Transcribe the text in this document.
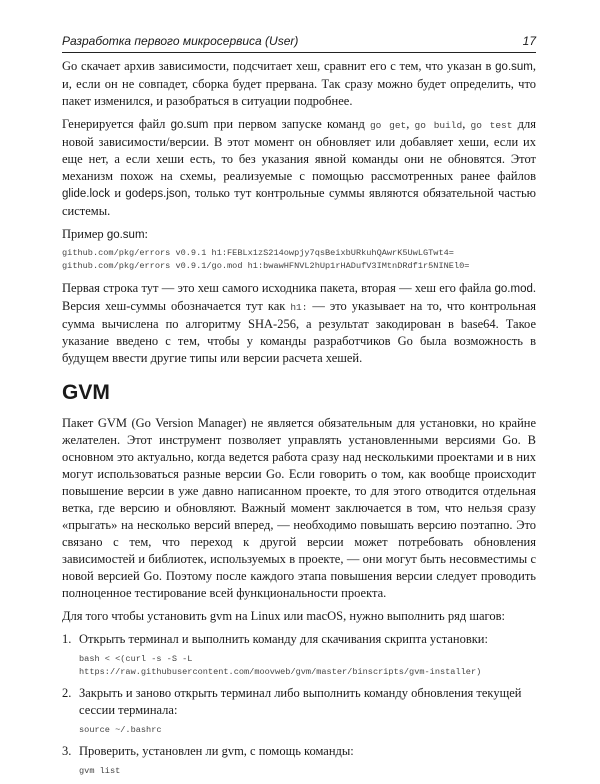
Разработка первого микросервиса (User)	17

Go скачает архив зависимости, подсчитает хеш, сравнит его с тем, что указан в go.sum, и, если он не совпадет, сборка будет прервана. Так сразу можно будет определить, что пакет изменился, и разобраться в ситуации подробнее.

Генерируется файл go.sum при первом запуске команд go get, go build, go test для новой зависимости/версии. В этот момент он обновляет или добавляет хеши, если их еще нет, а если хеши есть, то без указания явной команды они не обновятся. Этот механизм похож на схемы, реализуемые с помощью рассмотренных ранее файлов glide.lock и godeps.json, только тут контрольные суммы являются обязательной частью системы.

Пример go.sum:

github.com/pkg/errors v0.9.1 h1:FEBLx1zS214owpjy7qsBeixbURkuhQAwrK5UwLGTwt4=
github.com/pkg/errors v0.9.1/go.mod h1:bwawHFNVL2hUp1rHADufV3IMtnDRdf1r5NINEl0=

Первая строка тут — это хеш самого исходника пакета, вторая — хеш его файла go.mod. Версия хеш-суммы обозначается тут как h1: — это указывает на то, что контрольная сумма вычислена по алгоритму SHA-256, а результат закодирован в base64. Такое указание введено с тем, чтобы у команды разработчиков Go была возможность в будущем ввести другие типы или версии расчета хешей.

GVM

Пакет GVM (Go Version Manager) не является обязательным для установки, но крайне желателен. Этот инструмент позволяет управлять установленными версиями Go. В основном это актуально, когда ведется работа сразу над несколькими проектами и в них могут использоваться разные версии Go. Если говорить о том, как вообще происходит повышение версии в уже давно написанном проекте, то для этого отводится отдельная ветка, где версию и обновляют. Важный момент заключается в том, что нельзя сразу «прыгать» на несколько версий вперед, — необходимо повышать версию поэтапно. Это связано с тем, что переход к другой версии может потребовать обновления зависимостей и библиотек, используемых в проекте, — они могут быть несовместимы с новой версией Go. Поэтому после каждого этапа повышения версии следует проводить полноценное тестирование всей функциональности проекта.

Для того чтобы установить gvm на Linux или macOS, нужно выполнить ряд шагов:

1. Открыть терминал и выполнить команду для скачивания скрипта установки:
bash < <(curl -s -S -L
https://raw.githubusercontent.com/moovweb/gvm/master/binscripts/gvm-installer)
2. Закрыть и заново открыть терминал либо выполнить команду обновления текущей сессии терминала:
source ~/.bashrc
3. Проверить, установлен ли gvm, с помощь команды:
gvm list
